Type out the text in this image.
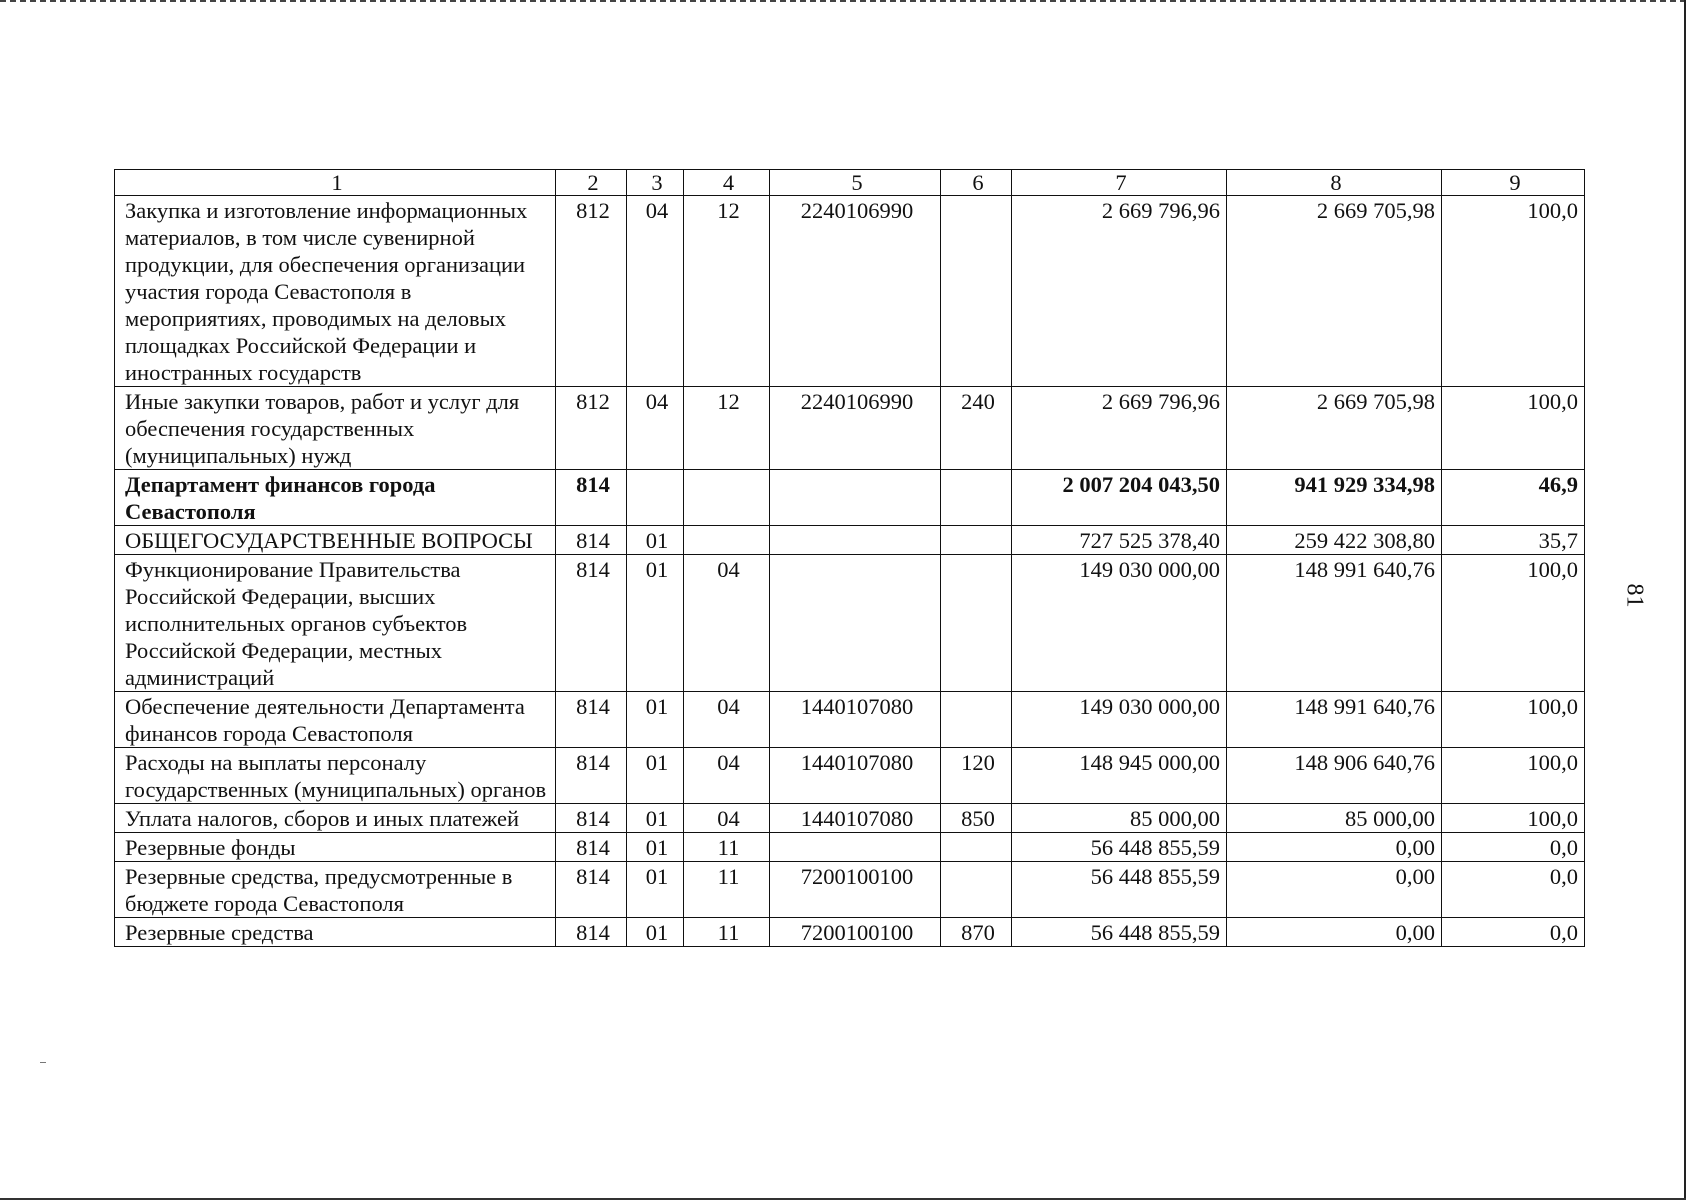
1	2	3	4	5	6	7	8	9
Закупка и изготовление информационных материалов, в том числе сувенирной продукции, для обеспечения организации участия города Севастополя в мероприятиях, проводимых на деловых площадках Российской Федерации и иностранных государств	812	04	12	2240106990		2 669 796,96	2 669 705,98	100,0
Иные закупки товаров, работ и услуг для обеспечения государственных (муниципальных) нужд	812	04	12	2240106990	240	2 669 796,96	2 669 705,98	100,0
Департамент финансов города Севастополя	814					2 007 204 043,50	941 929 334,98	46,9
ОБЩЕГОСУДАРСТВЕННЫЕ ВОПРОСЫ	814	01				727 525 378,40	259 422 308,80	35,7
Функционирование Правительства Российской Федерации, высших исполнительных органов субъектов Российской Федерации, местных администраций	814	01	04			149 030 000,00	148 991 640,76	100,0
Обеспечение деятельности Департамента финансов города Севастополя	814	01	04	1440107080		149 030 000,00	148 991 640,76	100,0
Расходы на выплаты персоналу государственных (муниципальных) органов	814	01	04	1440107080	120	148 945 000,00	148 906 640,76	100,0
Уплата налогов, сборов и иных платежей	814	01	04	1440107080	850	85 000,00	85 000,00	100,0
Резервные фонды	814	01	11			56 448 855,59	0,00	0,0
Резервные средства, предусмотренные в бюджете города Севастополя	814	01	11	7200100100		56 448 855,59	0,00	0,0
Резервные средства	814	01	11	7200100100	870	56 448 855,59	0,00	0,0
81
